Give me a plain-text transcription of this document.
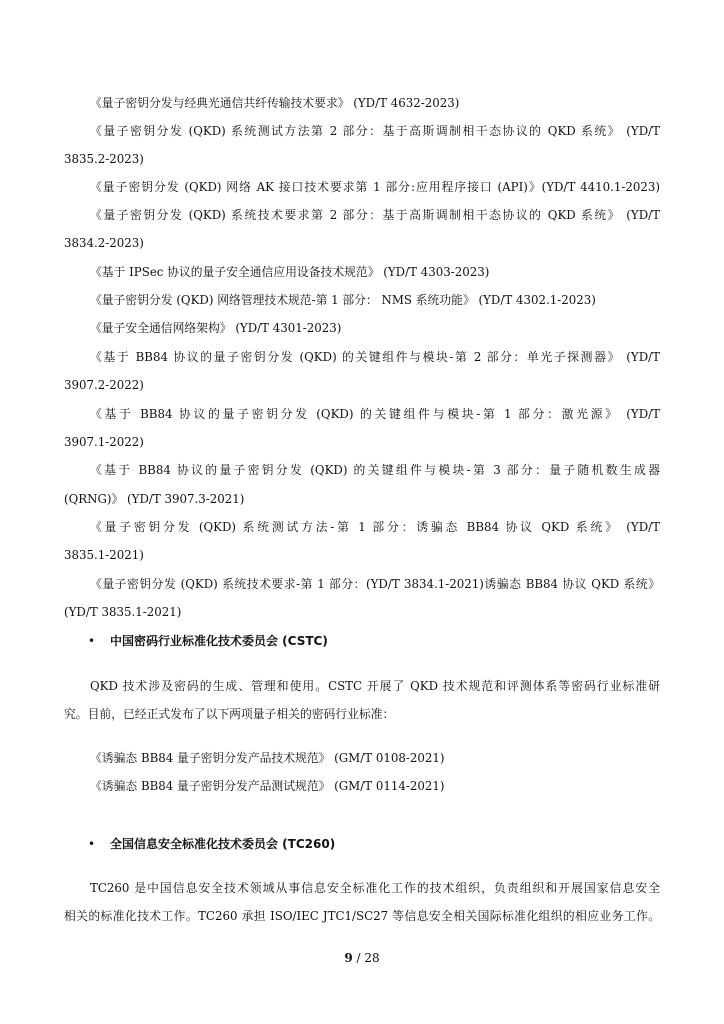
《量子密钥分发与经典光通信共纤传输技术要求》 (YD/T 4632-2023)
《量子密钥分发 (QKD) 系统测试方法第 2 部分：基于高斯调制相干态协议的 QKD 系统》 (YD/T
3835.2-2023)
《量子密钥分发 (QKD) 网络 AK 接口技术要求第 1 部分:应用程序接口 (API)》(YD/T 4410.1-2023)
《量子密钥分发 (QKD) 系统技术要求第 2 部分：基于高斯调制相干态协议的 QKD 系统》 (YD/T
3834.2-2023)
《基于 IPSec 协议的量子安全通信应用设备技术规范》 (YD/T 4303-2023)
《量子密钥分发 (QKD) 网络管理技术规范-第 1 部分： NMS 系统功能》 (YD/T 4302.1-2023)
《量子安全通信网络架构》 (YD/T 4301-2023)
《基于 BB84 协议的量子密钥分发 (QKD) 的关键组件与模块-第 2 部分：单光子探测器》 (YD/T
3907.2-2022)
《基于 BB84 协议的量子密钥分发 (QKD) 的关键组件与模块-第 1 部分：激光源》 (YD/T
3907.1-2022)
《基于 BB84 协议的量子密钥分发 (QKD) 的关键组件与模块-第 3 部分：量子随机数生成器
(QRNG)》 (YD/T 3907.3-2021)
《量子密钥分发 (QKD) 系统测试方法-第 1 部分：诱骗态 BB84 协议 QKD 系统》 (YD/T
3835.1-2021)
《量子密钥分发 (QKD) 系统技术要求-第 1 部分：(YD/T 3834.1-2021)诱骗态 BB84 协议 QKD 系统》
(YD/T 3835.1-2021)
• 中国密码行业标准化技术委员会 (CSTC)
QKD 技术涉及密码的生成、管理和使用。CSTC 开展了 QKD 技术规范和评测体系等密码行业标准研
究。目前，已经正式发布了以下两项量子相关的密码行业标准：
《诱骗态 BB84 量子密钥分发产品技术规范》 (GM/T 0108-2021)
《诱骗态 BB84 量子密钥分发产品测试规范》 (GM/T 0114-2021)
• 全国信息安全标准化技术委员会 (TC260)
TC260 是中国信息安全技术领域从事信息安全标准化工作的技术组织，负责组织和开展国家信息安全
相关的标准化技术工作。TC260 承担 ISO/IEC JTC1/SC27 等信息安全相关国际标准化组织的相应业务工作。
9 / 28
